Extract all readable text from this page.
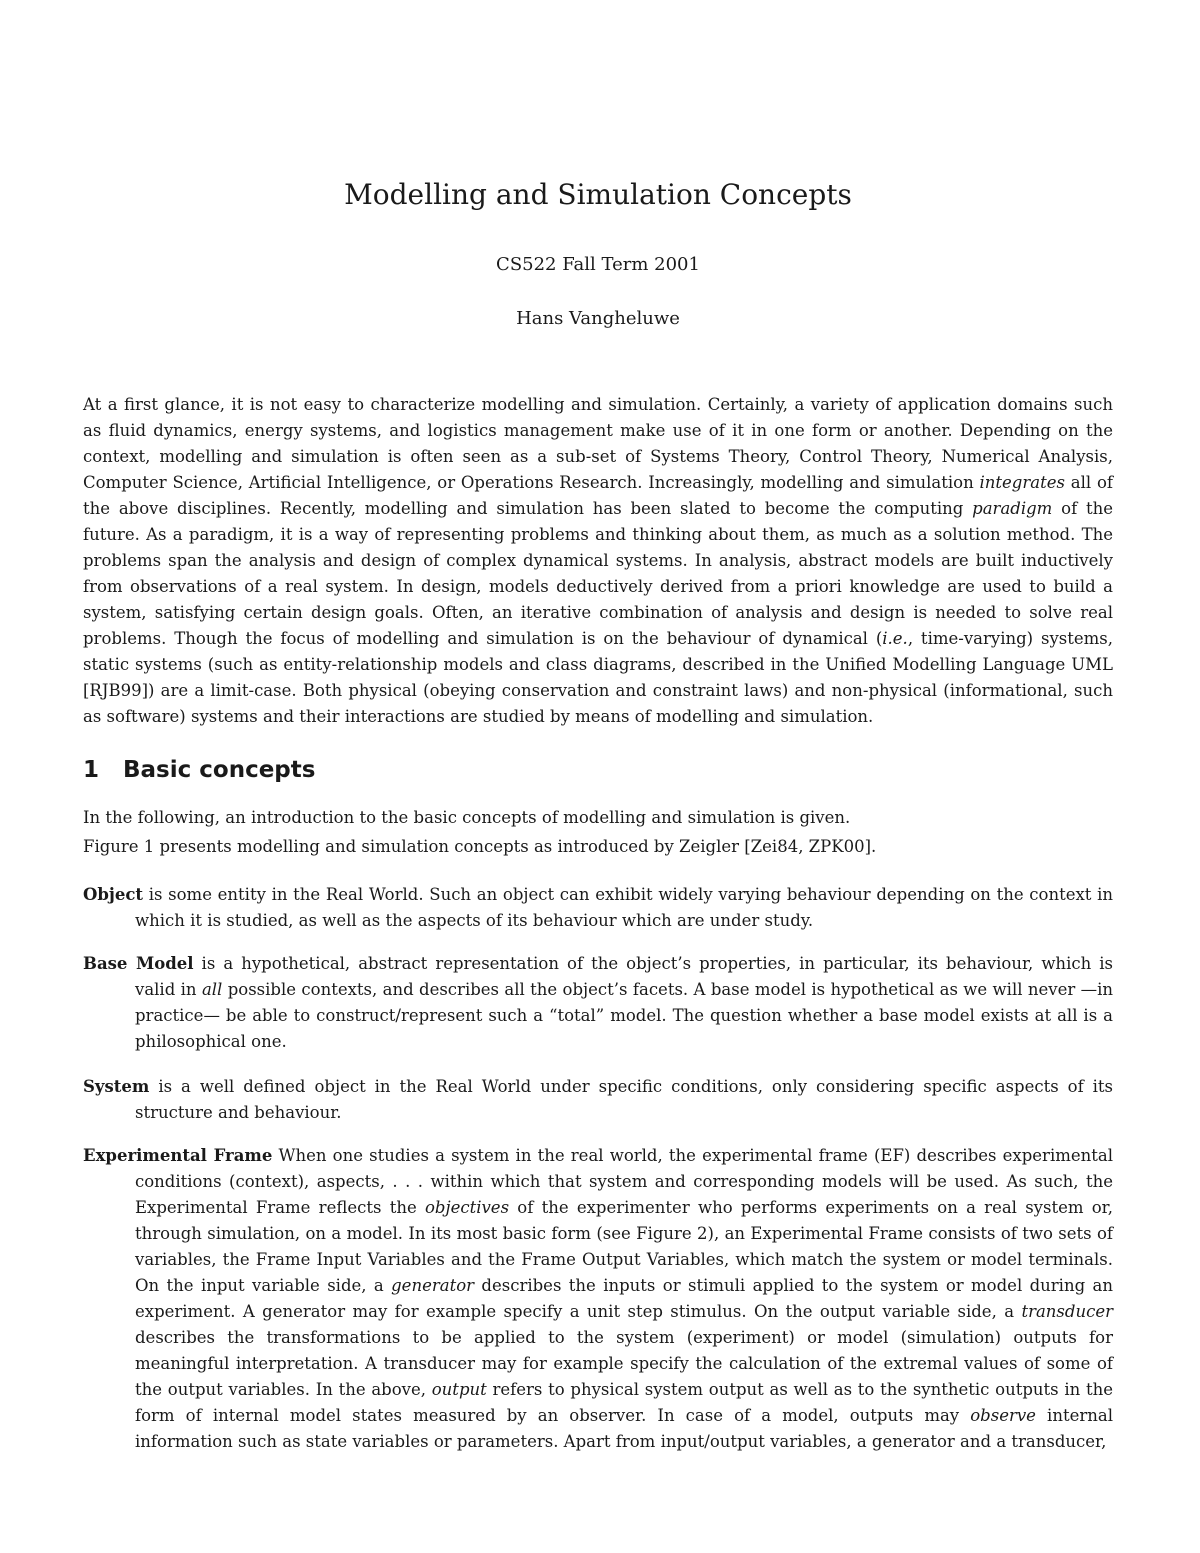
Modelling and Simulation Concepts

CS522 Fall Term 2001

Hans Vangheluwe

At a first glance, it is not easy to characterize modelling and simulation. Certainly, a variety of application domains such as fluid dynamics, energy systems, and logistics management make use of it in one form or another. Depending on the context, modelling and simulation is often seen as a sub-set of Systems Theory, Control Theory, Numerical Analysis, Computer Science, Artificial Intelligence, or Operations Research. Increasingly, modelling and simulation integrates all of the above disciplines. Recently, modelling and simulation has been slated to become the computing paradigm of the future. As a paradigm, it is a way of representing problems and thinking about them, as much as a solution method. The problems span the analysis and design of complex dynamical systems. In analysis, abstract models are built inductively from observations of a real system. In design, models deductively derived from a priori knowledge are used to build a system, satisfying certain design goals. Often, an iterative combination of analysis and design is needed to solve real problems. Though the focus of modelling and simulation is on the behaviour of dynamical (i.e., time-varying) systems, static systems (such as entity-relationship models and class diagrams, described in the Unified Modelling Language UML [RJB99]) are a limit-case. Both physical (obeying conservation and constraint laws) and non-physical (informational, such as software) systems and their interactions are studied by means of modelling and simulation.

1 Basic concepts

In the following, an introduction to the basic concepts of modelling and simulation is given.

Figure 1 presents modelling and simulation concepts as introduced by Zeigler [Zei84, ZPK00].

Object is some entity in the Real World. Such an object can exhibit widely varying behaviour depending on the context in which it is studied, as well as the aspects of its behaviour which are under study.

Base Model is a hypothetical, abstract representation of the object’s properties, in particular, its behaviour, which is valid in all possible contexts, and describes all the object’s facets. A base model is hypothetical as we will never —in practice— be able to construct/represent such a “total” model. The question whether a base model exists at all is a philosophical one.

System is a well defined object in the Real World under specific conditions, only considering specific aspects of its structure and behaviour.

Experimental Frame When one studies a system in the real world, the experimental frame (EF) describes experimental conditions (context), aspects, . . . within which that system and corresponding models will be used. As such, the Experimental Frame reflects the objectives of the experimenter who performs experiments on a real system or, through simulation, on a model. In its most basic form (see Figure 2), an Experimental Frame consists of two sets of variables, the Frame Input Variables and the Frame Output Variables, which match the system or model terminals. On the input variable side, a generator describes the inputs or stimuli applied to the system or model during an experiment. A generator may for example specify a unit step stimulus. On the output variable side, a transducer describes the transformations to be applied to the system (experiment) or model (simulation) outputs for meaningful interpretation. A transducer may for example specify the calculation of the extremal values of some of the output variables. In the above, output refers to physical system output as well as to the synthetic outputs in the form of internal model states measured by an observer. In case of a model, outputs may observe internal information such as state variables or parameters. Apart from input/output variables, a generator and a transducer,
